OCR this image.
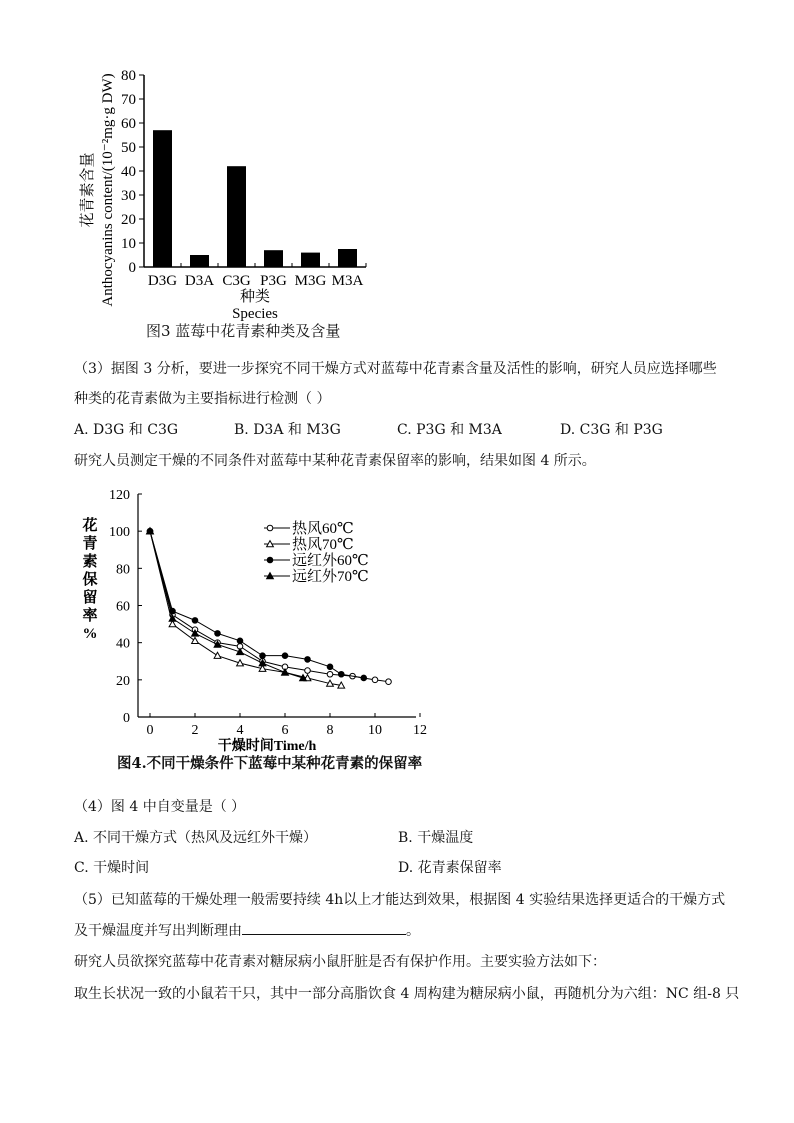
花青素含量 Anthocyanins content/(10⁻²mg·g DW) 0
10
20
30
40
50
60
70
80
D3G D3A C3G P3G M3G M3A
种类
Species
图3 蓝莓中花青素种类及含量
（3）据图 3 分析，要进一步探究不同干燥方式对蓝莓中花青素含量及活性的影响，研究人员应选择哪些
种类的花青素做为主要指标进行检测（ ）
A. D3G 和 C3G	B. D3A 和 M3G	C. P3G 和 M3A	D. C3G 和 P3G
研究人员测定干燥的不同条件对蓝莓中某种花青素保留率的影响，结果如图 4 所示。
0
20
40
60
80
100
120
0	2	4	6	8 10 12
花
青
素
保
留
率
%
热风60℃
热风70℃
远红外60℃
远红外70℃
干燥时间Time/h
图4.不同干燥条件下蓝莓中某种花青素的保留率
（4）图 4 中自变量是（ ）
A. 不同干燥方式（热风及远红外干燥）	B. 干燥温度
C. 干燥时间	D. 花青素保留率
（5）已知蓝莓的干燥处理一般需要持续 4h以上才能达到效果，根据图 4 实验结果选择更适合的干燥方式
及干燥温度并写出判断理由	。
研究人员欲探究蓝莓中花青素对糖尿病小鼠肝脏是否有保护作用。主要实验方法如下：
取生长状况一致的小鼠若干只，其中一部分高脂饮食 4 周构建为糖尿病小鼠，再随机分为六组：NC 组-8 只
